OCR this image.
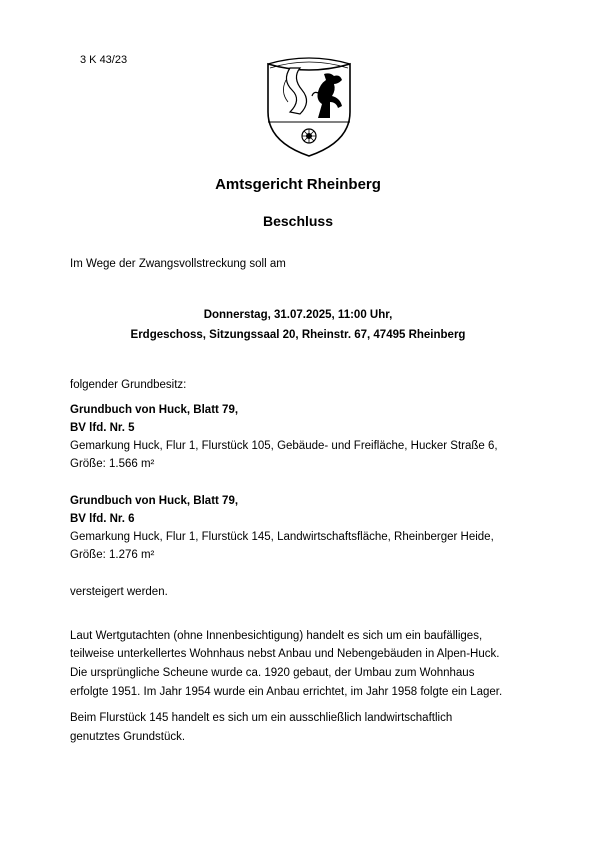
3 K 43/23
Amtsgericht Rheinberg
Beschluss
Im Wege der Zwangsvollstreckung soll am
Donnerstag, 31.07.2025, 11:00 Uhr,
Erdgeschoss, Sitzungssaal 20, Rheinstr. 67, 47495 Rheinberg
folgender Grundbesitz:
Grundbuch von Huck, Blatt 79,
BV lfd. Nr. 5
Gemarkung Huck, Flur 1, Flurstück 105, Gebäude- und Freifläche, Hucker Straße 6,
Größe: 1.566 m²
Grundbuch von Huck, Blatt 79,
BV lfd. Nr. 6
Gemarkung Huck, Flur 1, Flurstück 145, Landwirtschaftsfläche, Rheinberger Heide,
Größe: 1.276 m²
versteigert werden.
Laut Wertgutachten (ohne Innenbesichtigung) handelt es sich um ein baufälliges,
teilweise unterkellertes Wohnhaus nebst Anbau und Nebengebäuden in Alpen-Huck.
Die ursprüngliche Scheune wurde ca. 1920 gebaut, der Umbau zum Wohnhaus
erfolgte 1951. Im Jahr 1954 wurde ein Anbau errichtet, im Jahr 1958 folgte ein Lager.
Beim Flurstück 145 handelt es sich um ein ausschließlich landwirtschaftlich
genutztes Grundstück.
